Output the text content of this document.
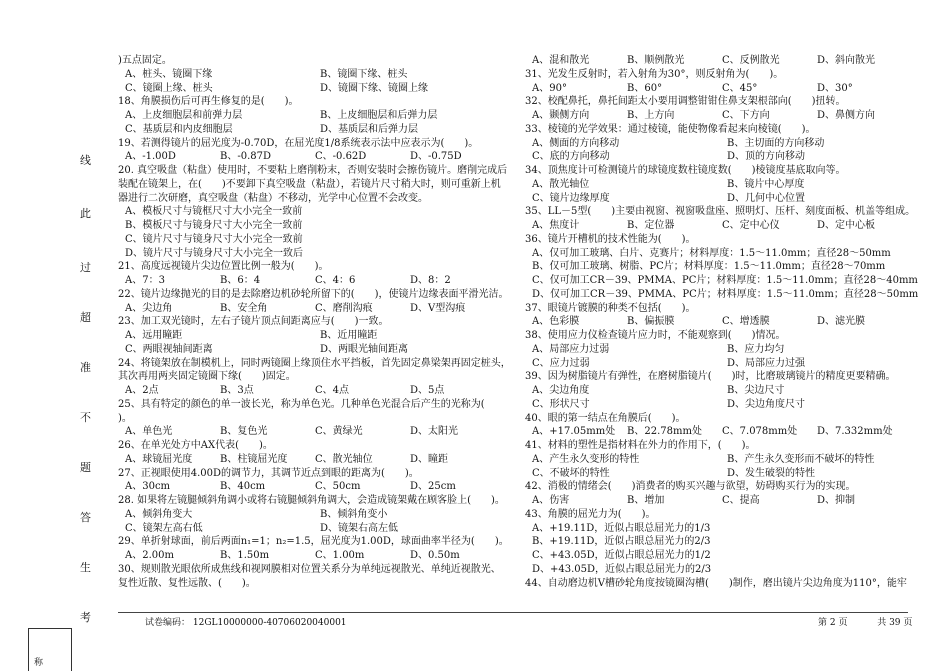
线
此
过
超
准
不
题
答
生
考
称
)五点固定。
A、桩头、镜圈下缘	B、镜圈下缘、桩头
C、镜圈上缘、桩头	D、镜圈下缘、镜圈上缘
18、角膜损伤后可再生修复的是(　　)。
A、上皮细胞层和前弹力层	B、上皮细胞层和后弹力层
C、基质层和内皮细胞层	D、基质层和后弹力层
19、若测得镜片的屈光度为-0.70D，在屈光度1/8系统表示法中应表示为(　　)。
A、-1.00D	B、-0.87D	C、-0.62D	D、-0.75D
20. 真空吸盘（粘盘）使用时，不要粘上磨削粉末，否则安装时会擦伤镜片。磨削完成后
装配在镜架上，在(　　)不要卸下真空吸盘（粘盘），若镜片尺寸稍大时，则可重新上机
器进行二次研磨，真空吸盘（粘盘）不移动，光学中心位置不会改变。
A、模板尺寸与镜框尺寸大小完全一致前
B、模板尺寸与镜身尺寸大小完全一致前
C、镜片尺寸与镜身尺寸大小完全一致前
D、镜片尺寸与镜身尺寸大小完全一致后
21、高度远视镜片尖边位置比例一般为(　　)。
A、7：3	B、6：4	C、4：6	D、8：2
22、镜片边缘抛光的目的是去除磨边机砂轮所留下的(　　)，使镜片边缘表面平滑光洁。
A、尖边角	B、安全角	C、磨削沟痕	D、V型沟痕
23、加工双光镜时，左右子镜片顶点间距离应与(　　)一致。
A、远用瞳距	B、近用瞳距
C、两眼视轴间距离	D、两眼光轴间距离
24、将镜架放在制模机上，同时两镜圈上缘顶住水平挡板，首先固定鼻梁架再固定桩头，
其次再用两夹固定镜圈下缘(　　)固定。
A、2点	B、3点	C、4点	D、5点
25、具有特定的颜色的单一波长光，称为单色光。几种单色光混合后产生的光称为(
)。
A、单色光	B、复色光	C、黄绿光	D、太阳光
26、在单光处方中AX代表(　　)。
A、球镜屈光度	B、柱镜屈光度	C、散光轴位	D、瞳距
27、正视眼使用4.00D的调节力，其调节近点到眼的距离为(　　)。
A、30cm	B、40cm	C、50cm	D、25cm
28. 如果将左镜腿倾斜角调小或将右镜腿倾斜角调大，会造成镜架戴在顾客脸上(　　)。
A、倾斜角变大	B、倾斜角变小
C、镜架左高右低	D、镜架右高左低
29、单折射球面，前后两面n₁=1；n₂=1.5，屈光度为1.00D，球面曲率半径为(　　)。
A、2.00m	B、1.50m	C、1.00m	D、0.50m
30、规则散光眼依所成焦线和视网膜相对位置关系分为单纯远视散光、单纯近视散光、
复性近散、复性远散、(　　)。
A、混和散光	B、顺例散光	C、反例散光	D、斜向散光
31、光发生反射时，若入射角为30°，则反射角为(　　)。
A、90°	B、60°	C、45°	D、30°
32、校配鼻托，鼻托间距太小要用调整钳钳住鼻支架根部向(　　)扭转。
A、颞侧方向	B、上方向	C、下方向	D、鼻侧方向
33、棱镜的光学效果：通过棱镜，能使物像看起来向棱镜(　　)。
A、侧面的方向移动	B、主切面的方向移动
C、底的方向移动	D、顶的方向移动
34、顶焦度计可检测镜片的球镜度数柱镜度数(　　)棱镜度基底取向等。
A、散光轴位	B、镜片中心厚度
C、镜片边缘厚度	D、几何中心位置
35、LL－5型(　　)主要由视窗、视窗吸盘座、照明灯、压杆、刻度面板、机盖等组成。
A、焦度计	B、定位器	C、定中心仪	D、定中心板
36、镜片开槽机的技术性能为(　　)。
A、仅可加工玻璃、白片、克赛片；材料厚度：1.5～11.0mm；直径28～50mm
B、仅可加工玻璃、树脂、PC片；材料厚度：1.5～11.0mm；直径28～70mm
C、仅可加工CR－39、PMMA、PC片；材料厚度：1.5～11.0mm；直径28～40mm
D、仅可加工CR－39、PMMA、PC片；材料厚度：1.5～11.0mm；直径28～50mm
37、眼镜片镀膜的种类不包括(　　)。
A、色彩膜	B、偏振膜	C、增透膜	D、滤光膜
38、使用应力仪检查镜片应力时，不能观察到(　　)情况。
A、局部应力过弱	B、应力均匀
C、应力过弱	D、局部应力过强
39、因为树脂镜片有弹性，在磨树脂镜片(　　)时，比磨玻璃镜片的精度更要精确。
A、尖边角度	B、尖边尺寸
C、形状尺寸	D、尖边角度尺寸
40、眼的第一结点在角膜后(　　)。
A、+17.05mm处 B、22.78mm处 C、7.078mm处 D、7.332mm处
41、材料的塑性是指材料在外力的作用下，(　　)。
A、产生永久变形的特性	B、产生永久变形而不破坏的特性
C、不破坏的特性	D、发生破裂的特性
42、消极的情绪会(　　)消费者的购买兴趣与欲望，妨碍购买行为的实现。
A、伤害	B、增加	C、提高	D、抑制
43、角膜的屈光力为(　　)。
A、+19.11D，近似占眼总屈光力的1/3
B、+19.11D，近似占眼总屈光力的2/3
C、+43.05D，近似占眼总屈光力的1/2
D、+43.05D，近似占眼总屈光力的2/3
44、自动磨边机V槽砂轮角度按镜圈沟槽(　　)制作，磨出镜片尖边角度为110°，能牢
试卷编码： 12GL10000000-40706020040001	第 2 页	共 39 页
